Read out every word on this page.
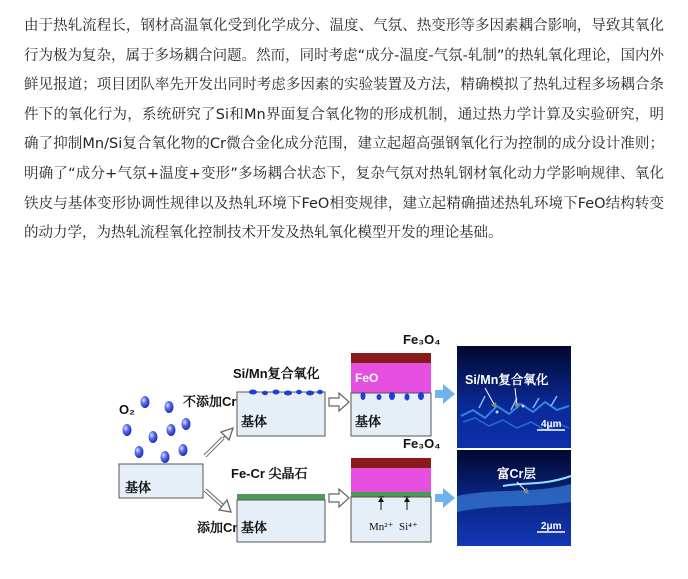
由于热轧流程长，钢材高温氧化受到化学成分、温度、气氛、热变形等多因素耦合影响，导致其氧化行为极为复杂，属于多场耦合问题。然而，同时考虑“成分-温度-气氛-轧制”的热轧氧化理论，国内外鲜见报道；项目团队率先开发出同时考虑多因素的实验装置及方法，精确模拟了热轧过程多场耦合条件下的氧化行为，系统研究了Si和Mn界面复合氧化物的形成机制，通过热力学计算及实验研究，明确了抑制Mn/Si复合氧化物的Cr微合金化成分范围，建立起超高强钢氧化行为控制的成分设计准则；明确了“成分+气氛+温度+变形”多场耦合状态下，复杂气氛对热轧钢材氧化动力学影响规律、氧化铁皮与基体变形协调性规律以及热轧环境下FeO相变规律，建立起精确描述热轧环境下FeO结构转变的动力学，为热轧流程氧化控制技术开发及热轧氧化模型开发的理论基础。

O₂
基体
Si/Mn复合氧化
不添加Cr
基体
Fe₃O₄
FeO
基体
Si/Mn复合氧化
4μm
Fe-Cr 尖晶石
添加Cr 基体
Fe₃O₄
Mn²⁺ Si⁴⁺
富Cr层
2μm
